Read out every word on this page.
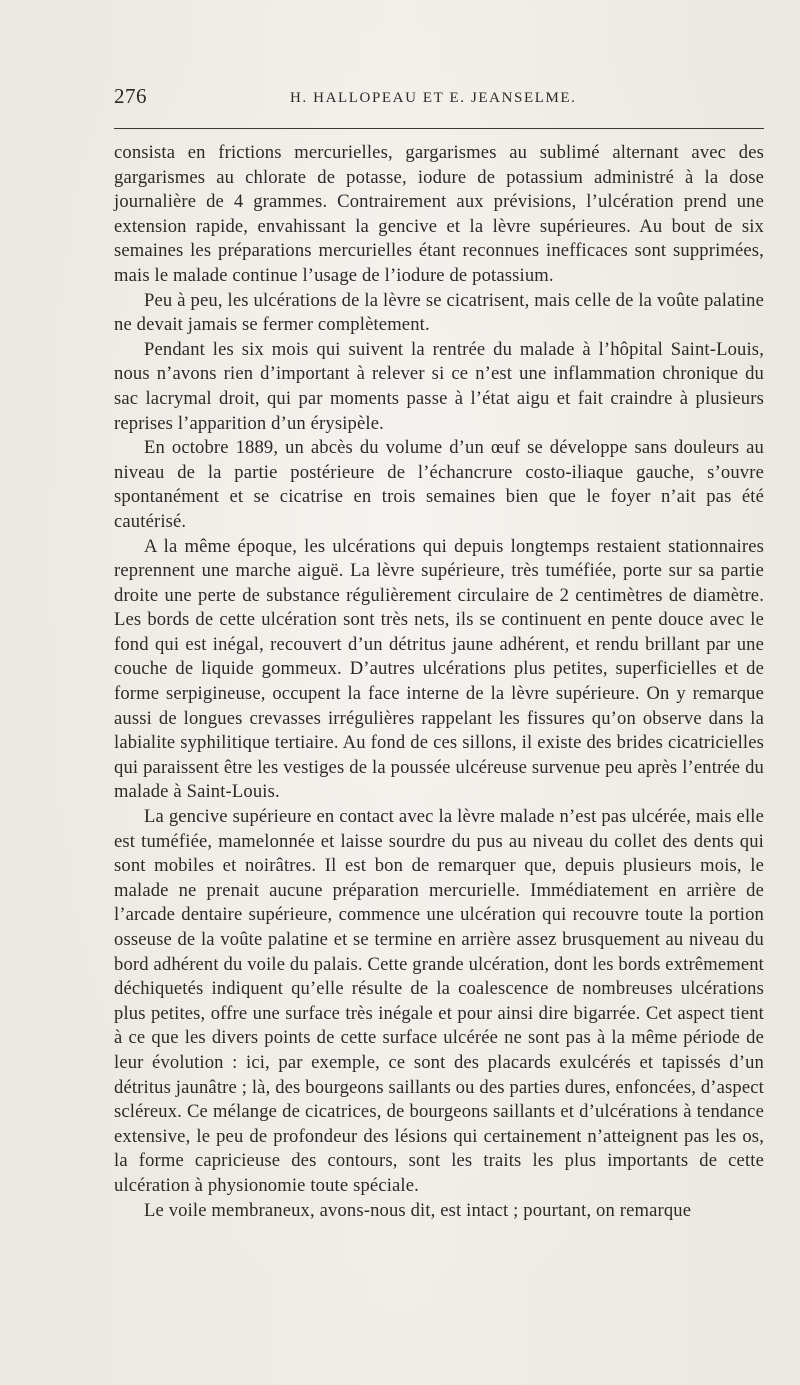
276	H. HALLOPEAU ET E. JEANSELME.

consista en frictions mercurielles, gargarismes au sublimé alternant avec des gargarismes au chlorate de potasse, iodure de potassium administré à la dose journalière de 4 grammes. Contrairement aux prévisions, l’ulcération prend une extension rapide, envahissant la gencive et la lèvre supérieures. Au bout de six semaines les préparations mercurielles étant reconnues inefficaces sont supprimées, mais le malade continue l’usage de l’iodure de potassium.

Peu à peu, les ulcérations de la lèvre se cicatrisent, mais celle de la voûte palatine ne devait jamais se fermer complètement.

Pendant les six mois qui suivent la rentrée du malade à l’hôpital Saint-Louis, nous n’avons rien d’important à relever si ce n’est une inflammation chronique du sac lacrymal droit, qui par moments passe à l’état aigu et fait craindre à plusieurs reprises l’apparition d’un érysipèle.

En octobre 1889, un abcès du volume d’un œuf se développe sans douleurs au niveau de la partie postérieure de l’échancrure costo-iliaque gauche, s’ouvre spontanément et se cicatrise en trois semaines bien que le foyer n’ait pas été cautérisé.

A la même époque, les ulcérations qui depuis longtemps restaient stationnaires reprennent une marche aiguë. La lèvre supérieure, très tuméfiée, porte sur sa partie droite une perte de substance régulièrement circulaire de 2 centimètres de diamètre. Les bords de cette ulcération sont très nets, ils se continuent en pente douce avec le fond qui est inégal, recouvert d’un détritus jaune adhérent, et rendu brillant par une couche de liquide gommeux. D’autres ulcérations plus petites, superficielles et de forme serpigineuse, occupent la face interne de la lèvre supérieure. On y remarque aussi de longues crevasses irrégulières rappelant les fissures qu’on observe dans la labialite syphilitique tertiaire. Au fond de ces sillons, il existe des brides cicatricielles qui paraissent être les vestiges de la poussée ulcéreuse survenue peu après l’entrée du malade à Saint-Louis.

La gencive supérieure en contact avec la lèvre malade n’est pas ulcérée, mais elle est tuméfiée, mamelonnée et laisse sourdre du pus au niveau du collet des dents qui sont mobiles et noirâtres. Il est bon de remarquer que, depuis plusieurs mois, le malade ne prenait aucune préparation mercurielle. Immédiatement en arrière de l’arcade dentaire supérieure, commence une ulcération qui recouvre toute la portion osseuse de la voûte palatine et se termine en arrière assez brusquement au niveau du bord adhérent du voile du palais. Cette grande ulcération, dont les bords extrêmement déchiquetés indiquent qu’elle résulte de la coalescence de nombreuses ulcérations plus petites, offre une surface très inégale et pour ainsi dire bigarrée. Cet aspect tient à ce que les divers points de cette surface ulcérée ne sont pas à la même période de leur évolution : ici, par exemple, ce sont des placards exulcérés et tapissés d’un détritus jaunâtre ; là, des bourgeons saillants ou des parties dures, enfoncées, d’aspect scléreux. Ce mélange de cicatrices, de bourgeons saillants et d’ulcérations à tendance extensive, le peu de profondeur des lésions qui certainement n’atteignent pas les os, la forme capricieuse des contours, sont les traits les plus importants de cette ulcération à physionomie toute spéciale.

Le voile membraneux, avons-nous dit, est intact ; pourtant, on remarque
